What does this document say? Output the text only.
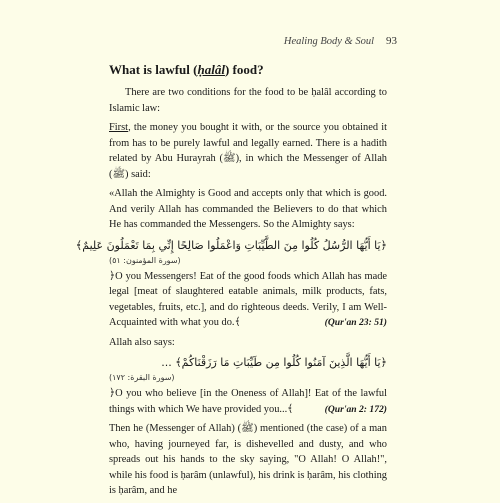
Healing Body & Soul 93
What is lawful (ḥalâl) food?

There are two conditions for the food to be ḥalâl according to Islamic law:

First, the money you bought it with, or the source you obtained it from has to be purely lawful and legally earned. There is a hadith related by Abu Hurayrah (ﷺ), in which the Messenger of Allah (ﷺ) said:

«Allah the Almighty is Good and accepts only that which is good. And verily Allah has commanded the Believers to do that which He has commanded the Messengers. So the Almighty says:

﴿يَا أَيُّهَا الرُّسُلُ كُلُوا مِنَ الطَّيِّبَاتِ وَاعْمَلُوا صَالِحًا إِنِّي بِمَا تَعْمَلُونَ عَلِيمٌ﴾
(سورة المؤمنون: ٥١)

﴿O you Messengers! Eat of the good foods which Allah has made legal [meat of slaughtered eatable animals, milk products, fats, vegetables, fruits, etc.], and do righteous deeds. Verily, I am Well-Acquainted with what you do.﴾	(Qur'an 23: 51)

Allah also says:

﴿يَا أَيُّهَا الَّذِينَ آمَنُوا كُلُوا مِن طَيِّبَاتِ مَا رَزَقْنَاكُمْ﴾ ...
(سورة البقرة: ١٧٢)

﴿O you who believe [in the Oneness of Allah]! Eat of the lawful things with which We have provided you...﴾	(Qur'an 2: 172)

Then he (Messenger of Allah) (ﷺ) mentioned (the case) of a man who, having journeyed far, is dishevelled and dusty, and who spreads out his hands to the sky saying, "O Allah! O Allah!", while his food is ḥarâm (unlawful), his drink is ḥarâm, his clothing is ḥarâm, and he
